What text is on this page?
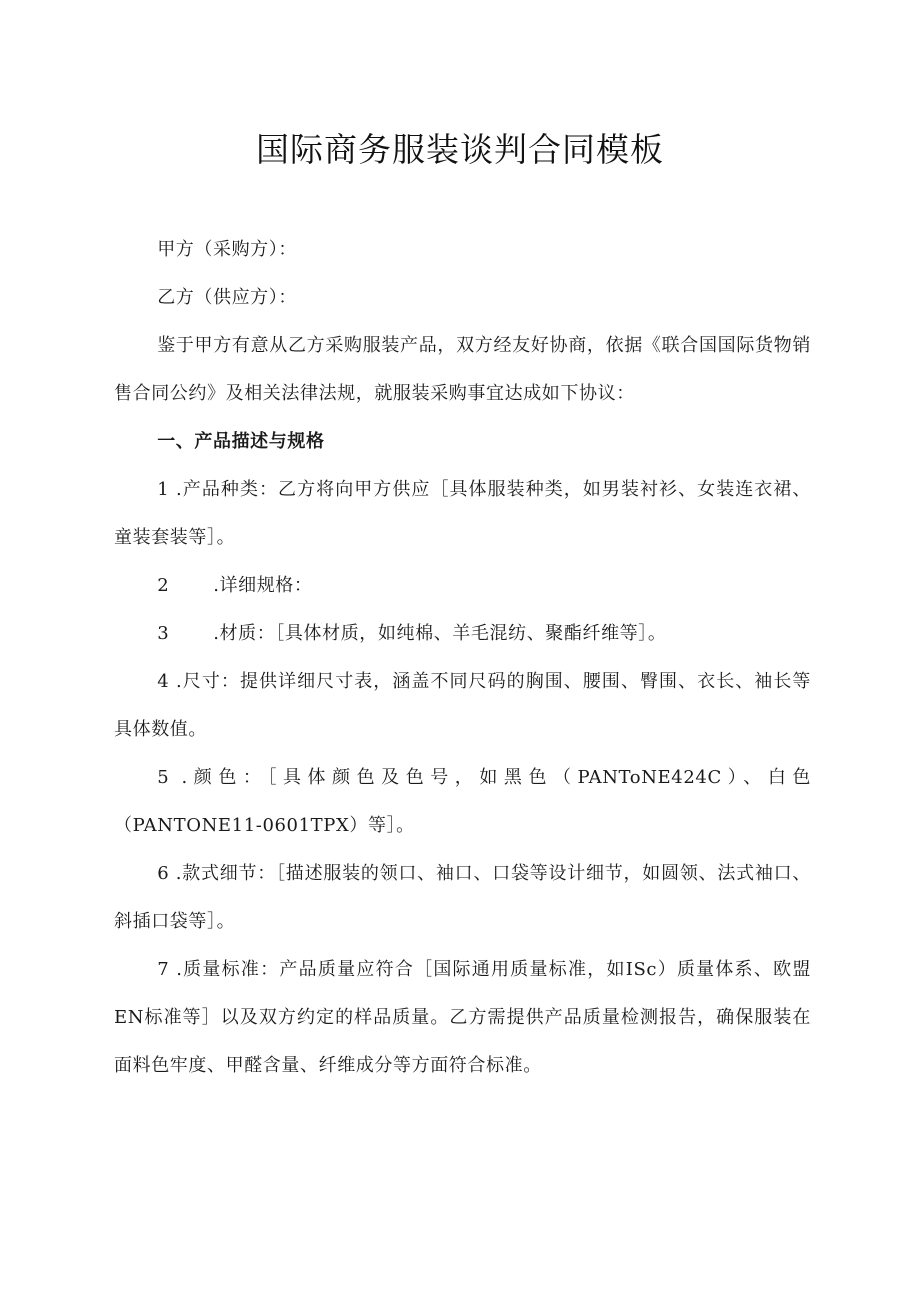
国际商务服装谈判合同模板

甲方（采购方）：

乙方（供应方）：

鉴于甲方有意从乙方采购服装产品，双方经友好协商，依据《联合国国际货物销售合同公约》及相关法律法规，就服装采购事宜达成如下协议：

一、产品描述与规格

1 .产品种类：乙方将向甲方供应［具体服装种类，如男装衬衫、女装连衣裙、童装套装等］。

2 .详细规格：

3 .材质：［具体材质，如纯棉、羊毛混纺、聚酯纤维等］。

4 .尺寸：提供详细尺寸表，涵盖不同尺码的胸围、腰围、臀围、衣长、袖长等具体数值。

5 .颜色：［具体颜色及色号，如黑色（PANToNE424C）、白色（PANTONE11-0601TPX）等］。

6 .款式细节：［描述服装的领口、袖口、口袋等设计细节，如圆领、法式袖口、斜插口袋等］。

7 .质量标准：产品质量应符合［国际通用质量标准，如ISc）质量体系、欧盟EN标准等］以及双方约定的样品质量。乙方需提供产品质量检测报告，确保服装在面料色牢度、甲醛含量、纤维成分等方面符合标准。
